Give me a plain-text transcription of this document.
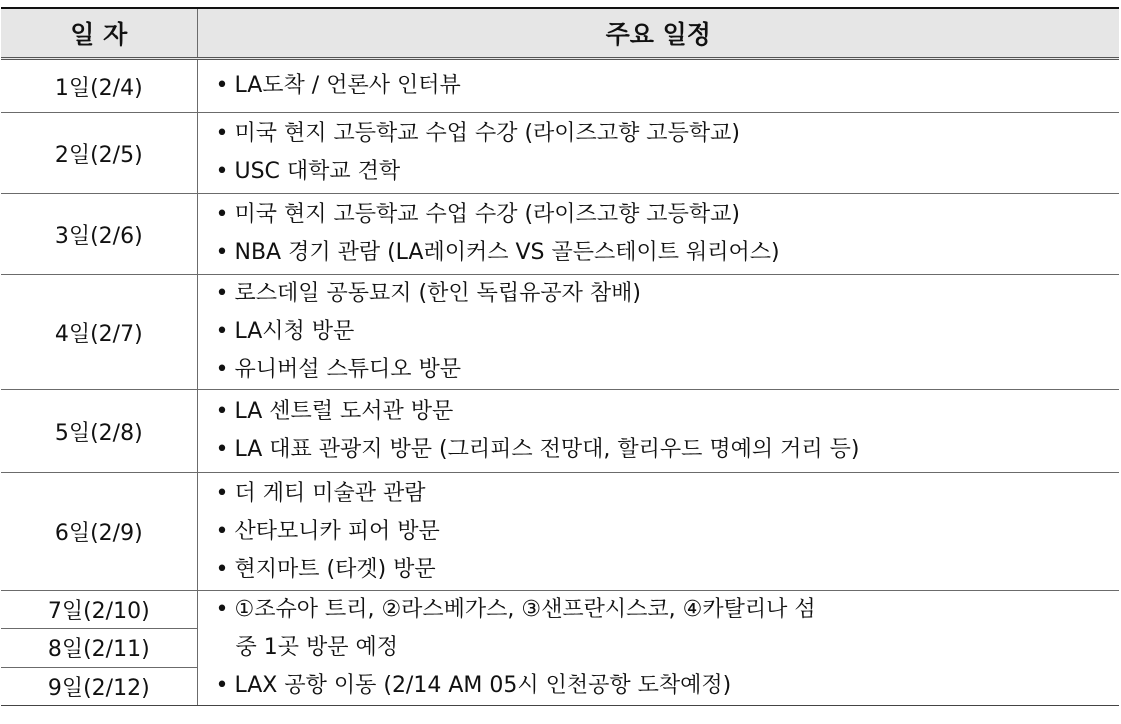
일 자	주요 일정
1일(2/4)	• LA도착 / 언론사 인터뷰

2일(2/5)	• 미국 현지 고등학교 수업 수강 (라이즈고향 고등학교)
• USC 대학교 견학

3일(2/6)	• 미국 현지 고등학교 수업 수강 (라이즈고향 고등학교)
• NBA 경기 관람 (LA레이커스 VS 골든스테이트 워리어스)

4일(2/7)	• 로스데일 공동묘지 (한인 독립유공자 참배)
• LA시청 방문
• 유니버설 스튜디오 방문

5일(2/8)	• LA 센트럴 도서관 방문
• LA 대표 관광지 방문 (그리피스 전망대, 할리우드 명예의 거리 등)

6일(2/9)	• 더 게티 미술관 관람
• 산타모니카 피어 방문
• 현지마트 (타겟) 방문

7일(2/10)	• ①조슈아 트리, ②라스베가스, ③샌프란시스코, ④카탈리나 섬
중 1곳 방문 예정
• LAX 공항 이동 (2/14 AM 05시 인천공항 도착예정)

8일(2/11)	
9일(2/12)	
